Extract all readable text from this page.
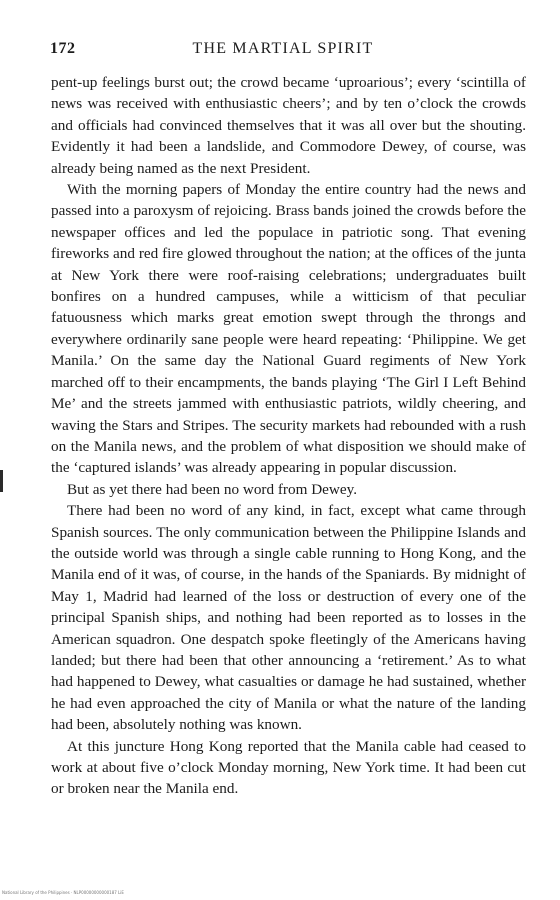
172	THE MARTIAL SPIRIT

pent-up feelings burst out; the crowd became ‘uproarious’; every ‘scintilla of news was received with enthusiastic cheers’; and by ten o’clock the crowds and officials had convinced themselves that it was all over but the shouting. Evidently it had been a landslide, and Commodore Dewey, of course, was already being named as the next President.

With the morning papers of Monday the entire country had the news and passed into a paroxysm of rejoicing. Brass bands joined the crowds before the newspaper offices and led the populace in patriotic song. That evening fireworks and red fire glowed throughout the nation; at the offices of the junta at New York there were roof-raising celebrations; undergraduates built bonfires on a hundred campuses, while a witticism of that peculiar fatuousness which marks great emotion swept through the throngs and everywhere ordinarily sane people were heard repeating: ‘Philippine. We get Manila.’ On the same day the National Guard regiments of New York marched off to their encampments, the bands playing ‘The Girl I Left Behind Me’ and the streets jammed with enthusiastic patriots, wildly cheering, and waving the Stars and Stripes. The security markets had rebounded with a rush on the Manila news, and the problem of what disposition we should make of the ‘captured islands’ was already appearing in popular discussion.

But as yet there had been no word from Dewey.

There had been no word of any kind, in fact, except what came through Spanish sources. The only communication between the Philippine Islands and the outside world was through a single cable running to Hong Kong, and the Manila end of it was, of course, in the hands of the Spaniards. By midnight of May 1, Madrid had learned of the loss or destruction of every one of the principal Spanish ships, and nothing had been reported as to losses in the American squadron. One despatch spoke fleetingly of the Americans having landed; but there had been that other announcing a ‘retirement.’ As to what had happened to Dewey, what casualties or damage he had sustained, whether he had even approached the city of Manila or what the nature of the landing had been, absolutely nothing was known.

At this juncture Hong Kong reported that the Manila cable had ceased to work at about five o’clock Monday morning, New York time. It had been cut or broken near the Manila end.

National Library of the Philippines · NLP00000000000187 LiE
